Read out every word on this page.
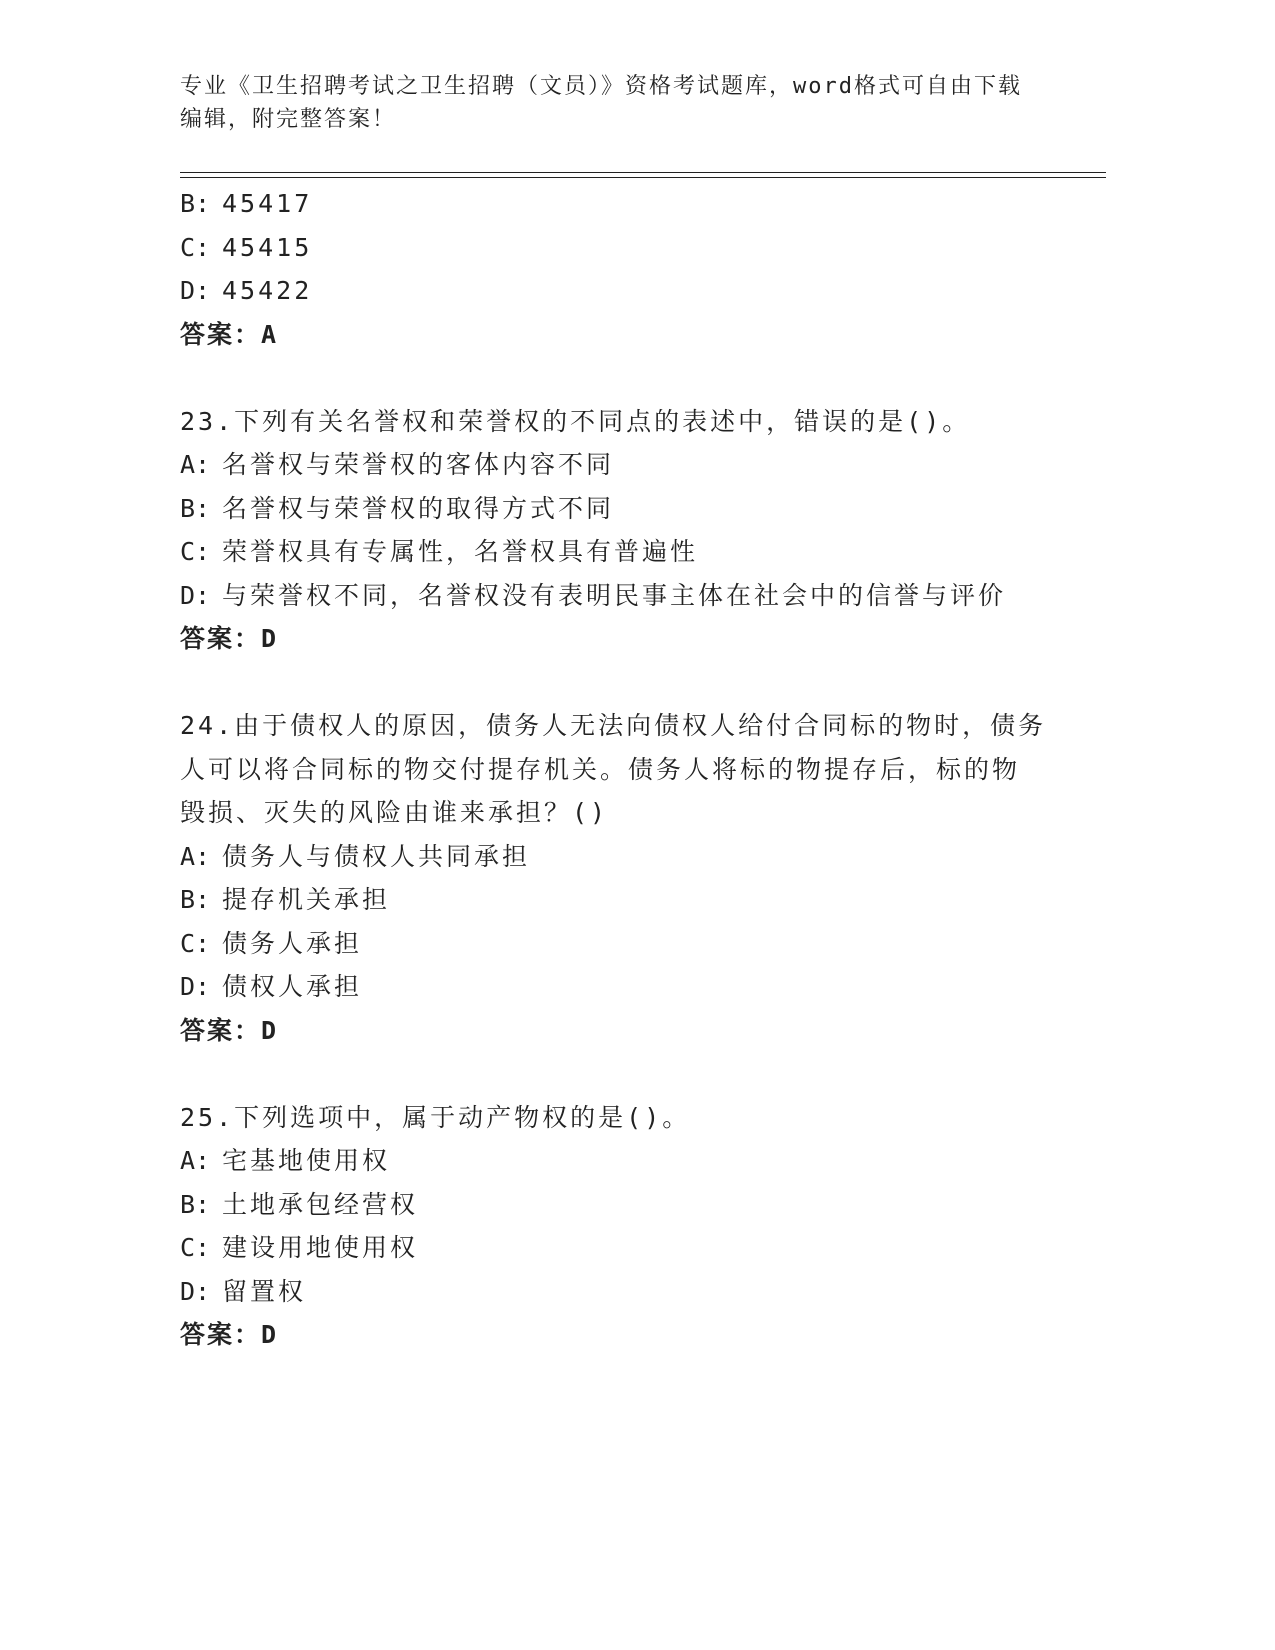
专业《卫生招聘考试之卫生招聘（文员）》资格考试题库，word格式可自由下载
编辑，附完整答案！
B: 45417
C: 45415
D: 45422
答案：A
23.下列有关名誉权和荣誉权的不同点的表述中，错误的是()。
A: 名誉权与荣誉权的客体内容不同
B: 名誉权与荣誉权的取得方式不同
C: 荣誉权具有专属性，名誉权具有普遍性
D: 与荣誉权不同，名誉权没有表明民事主体在社会中的信誉与评价
答案：D
24.由于债权人的原因，债务人无法向债权人给付合同标的物时，债务
人可以将合同标的物交付提存机关。债务人将标的物提存后，标的物
毁损、灭失的风险由谁来承担？()
A: 债务人与债权人共同承担
B: 提存机关承担
C: 债务人承担
D: 债权人承担
答案：D
25.下列选项中，属于动产物权的是()。
A: 宅基地使用权
B: 土地承包经营权
C: 建设用地使用权
D: 留置权
答案：D
